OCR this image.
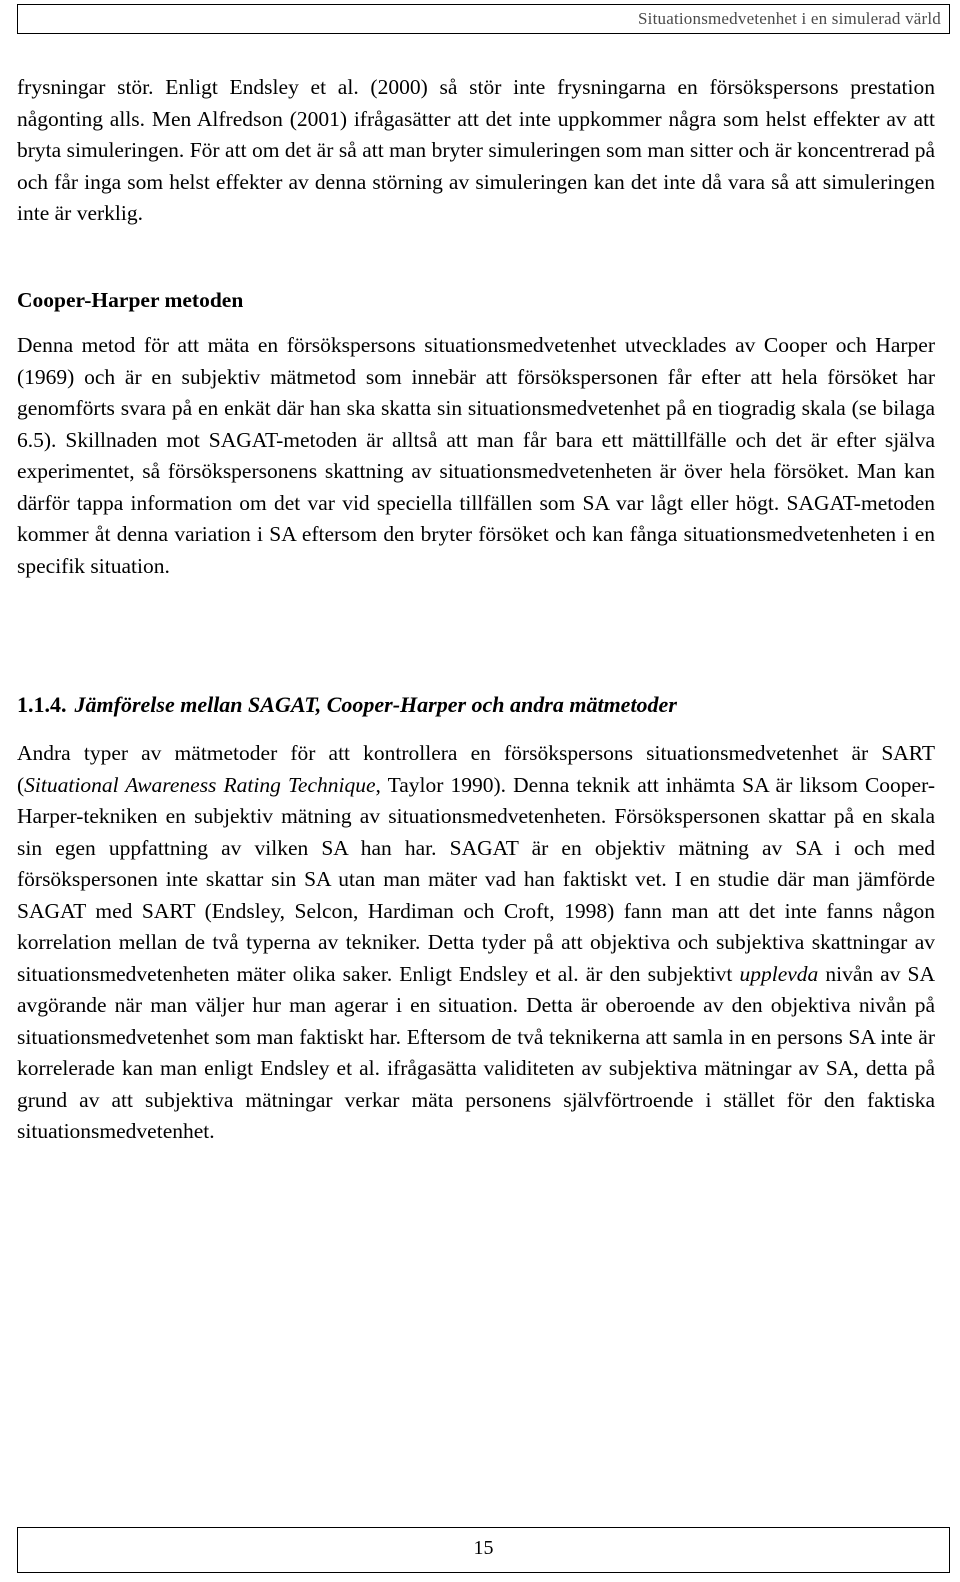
Situationsmedvetenhet i en simulerad värld

frysningar stör. Enligt Endsley et al. (2000) så stör inte frysningarna en försökspersons prestation någonting alls. Men Alfredson (2001) ifrågasätter att det inte uppkommer några som helst effekter av att bryta simuleringen. För att om det är så att man bryter simuleringen som man sitter och är koncentrerad på och får inga som helst effekter av denna störning av simuleringen kan det inte då vara så att simuleringen inte är verklig.

Cooper-Harper metoden

Denna metod för att mäta en försökspersons situationsmedvetenhet utvecklades av Cooper och Harper (1969) och är en subjektiv mätmetod som innebär att försökspersonen får efter att hela försöket har genomförts svara på en enkät där han ska skatta sin situationsmedvetenhet på en tiogradig skala (se bilaga 6.5). Skillnaden mot SAGAT-metoden är alltså att man får bara ett mättillfälle och det är efter själva experimentet, så försökspersonens skattning av situationsmedvetenheten är över hela försöket. Man kan därför tappa information om det var vid speciella tillfällen som SA var lågt eller högt. SAGAT-metoden kommer åt denna variation i SA eftersom den bryter försöket och kan fånga situationsmedvetenheten i en specifik situation.

1.1.4. Jämförelse mellan SAGAT, Cooper-Harper och andra mätmetoder

Andra typer av mätmetoder för att kontrollera en försökspersons situationsmedvetenhet är SART (Situational Awareness Rating Technique, Taylor 1990). Denna teknik att inhämta SA är liksom Cooper-Harper-tekniken en subjektiv mätning av situationsmedvetenheten. Försökspersonen skattar på en skala sin egen uppfattning av vilken SA han har. SAGAT är en objektiv mätning av SA i och med försökspersonen inte skattar sin SA utan man mäter vad han faktiskt vet. I en studie där man jämförde SAGAT med SART (Endsley, Selcon, Hardiman och Croft, 1998) fann man att det inte fanns någon korrelation mellan de två typerna av tekniker. Detta tyder på att objektiva och subjektiva skattningar av situationsmedvetenheten mäter olika saker. Enligt Endsley et al. är den subjektivt upplevda nivån av SA avgörande när man väljer hur man agerar i en situation. Detta är oberoende av den objektiva nivån på situationsmedvetenhet som man faktiskt har. Eftersom de två teknikerna att samla in en persons SA inte är korrelerade kan man enligt Endsley et al. ifrågasätta validiteten av subjektiva mätningar av SA, detta på grund av att subjektiva mätningar verkar mäta personens självförtroende i stället för den faktiska situationsmedvetenhet.

15
